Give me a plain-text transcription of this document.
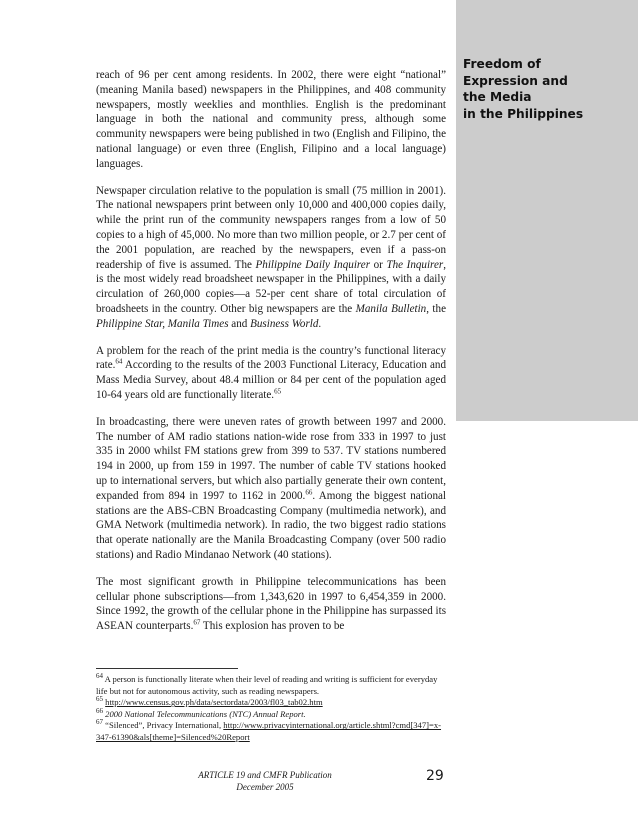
Freedom of
Expression and
the Media
in the Philippines

reach of 96 per cent among residents. In 2002, there were eight “national” (meaning Manila based) newspapers in the Philippines, and 408 community newspapers, mostly weeklies and monthlies. English is the predominant language in both the national and community press, although some community newspapers were being published in two (English and Filipino, the national language) or even three (English, Filipino and a local language) languages.

Newspaper circulation relative to the population is small (75 million in 2001). The national newspapers print between only 10,000 and 400,000 copies daily, while the print run of the community newspapers ranges from a low of 50 copies to a high of 45,000. No more than two million people, or 2.7 per cent of the 2001 population, are reached by the newspapers, even if a pass-on readership of five is assumed. The Philippine Daily Inquirer or The Inquirer, is the most widely read broadsheet newspaper in the Philippines, with a daily circulation of 260,000 copies—a 52-per cent share of total circulation of broadsheets in the country. Other big newspapers are the Manila Bulletin, the Philippine Star, Manila Times and Business World.

A problem for the reach of the print media is the country’s functional literacy rate.$^{64}$ According to the results of the 2003 Functional Literacy, Education and Mass Media Survey, about 48.4 million or 84 per cent of the population aged 10-64 years old are functionally literate.$^{65}$

In broadcasting, there were uneven rates of growth between 1997 and 2000. The number of AM radio stations nation-wide rose from 333 in 1997 to just 335 in 2000 whilst FM stations grew from 399 to 537. TV stations numbered 194 in 2000, up from 159 in 1997. The number of cable TV stations hooked up to international servers, but which also partially generate their own content, expanded from 894 in 1997 to 1162 in 2000.66. Among the biggest national stations are the ABS-CBN Broadcasting Company (multimedia network), and GMA Network (multimedia network). In radio, the two biggest radio stations that operate nationally are the Manila Broadcasting Company (over 500 radio stations) and Radio Mindanao Network (40 stations).

The most significant growth in Philippine telecommunications has been cellular phone subscriptions—from 1,343,620 in 1997 to 6,454,359 in 2000. Since 1992, the growth of the cellular phone in the Philippine has surpassed its ASEAN counterparts.$^{67}$ This explosion has proven to be

$^{64}$ A person is functionally literate when their level of reading and writing is sufficient for everyday life but not for autonomous activity, such as reading newspapers.

$^{65}$ http://www.census.gov.ph/data/sectordata/2003/fl03_tab02.htm

$^{66}$ 2000 National Telecommunications (NTC) Annual Report.

$^{67}$ “Silenced”, Privacy International, http://www.privacyinternational.org/article.shtml?cmd[347]=x-347-61390&als[theme]=Silenced%20Report

ARTICLE 19 and CMFR Publication
December 2005
29
